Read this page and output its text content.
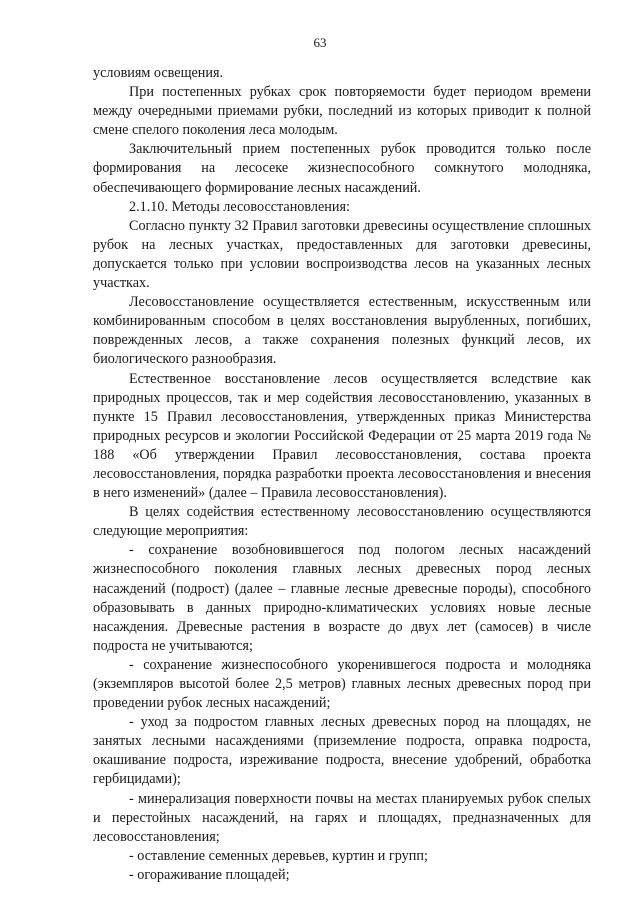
63

условиям освещения.

При постепенных рубках срок повторяемости будет периодом времени между очередными приемами рубки, последний из которых приводит к полной смене спелого поколения леса молодым.

Заключительный прием постепенных рубок проводится только после формирования на лесосеке жизнеспособного сомкнутого молодняка, обеспечивающего формирование лесных насаждений.

2.1.10. Методы лесовосстановления:

Согласно пункту 32 Правил заготовки древесины осуществление сплошных рубок на лесных участках, предоставленных для заготовки древесины, допускается только при условии воспроизводства лесов на указанных лесных участках.

Лесовосстановление осуществляется естественным, искусственным или комбинированным способом в целях восстановления вырубленных, погибших, поврежденных лесов, а также сохранения полезных функций лесов, их биологического разнообразия.

Естественное восстановление лесов осуществляется вследствие как природных процессов, так и мер содействия лесовосстановлению, указанных в пункте 15 Правил лесовосстановления, утвержденных приказ Министерства природных ресурсов и экологии Российской Федерации от 25 марта 2019 года № 188 «Об утверждении Правил лесовосстановления, состава проекта лесовосстановления, порядка разработки проекта лесовосстановления и внесения в него изменений» (далее – Правила лесовосстановления).

В целях содействия естественному лесовосстановлению осуществляются следующие мероприятия:

- сохранение возобновившегося под пологом лесных насаждений жизнеспособного поколения главных лесных древесных пород лесных насаждений (подрост) (далее – главные лесные древесные породы), способного образовывать в данных природно-климатических условиях новые лесные насаждения. Древесные растения в возрасте до двух лет (самосев) в числе подроста не учитываются;

- сохранение жизнеспособного укоренившегося подроста и молодняка (экземпляров высотой более 2,5 метров) главных лесных древесных пород при проведении рубок лесных насаждений;

- уход за подростом главных лесных древесных пород на площадях, не занятых лесными насаждениями (приземление подроста, оправка подроста, окашивание подроста, изреживание подроста, внесение удобрений, обработка гербицидами);

- минерализация поверхности почвы на местах планируемых рубок спелых и перестойных насаждений, на гарях и площадях, предназначенных для лесовосстановления;

- оставление семенных деревьев, куртин и групп;

- огораживание площадей;
